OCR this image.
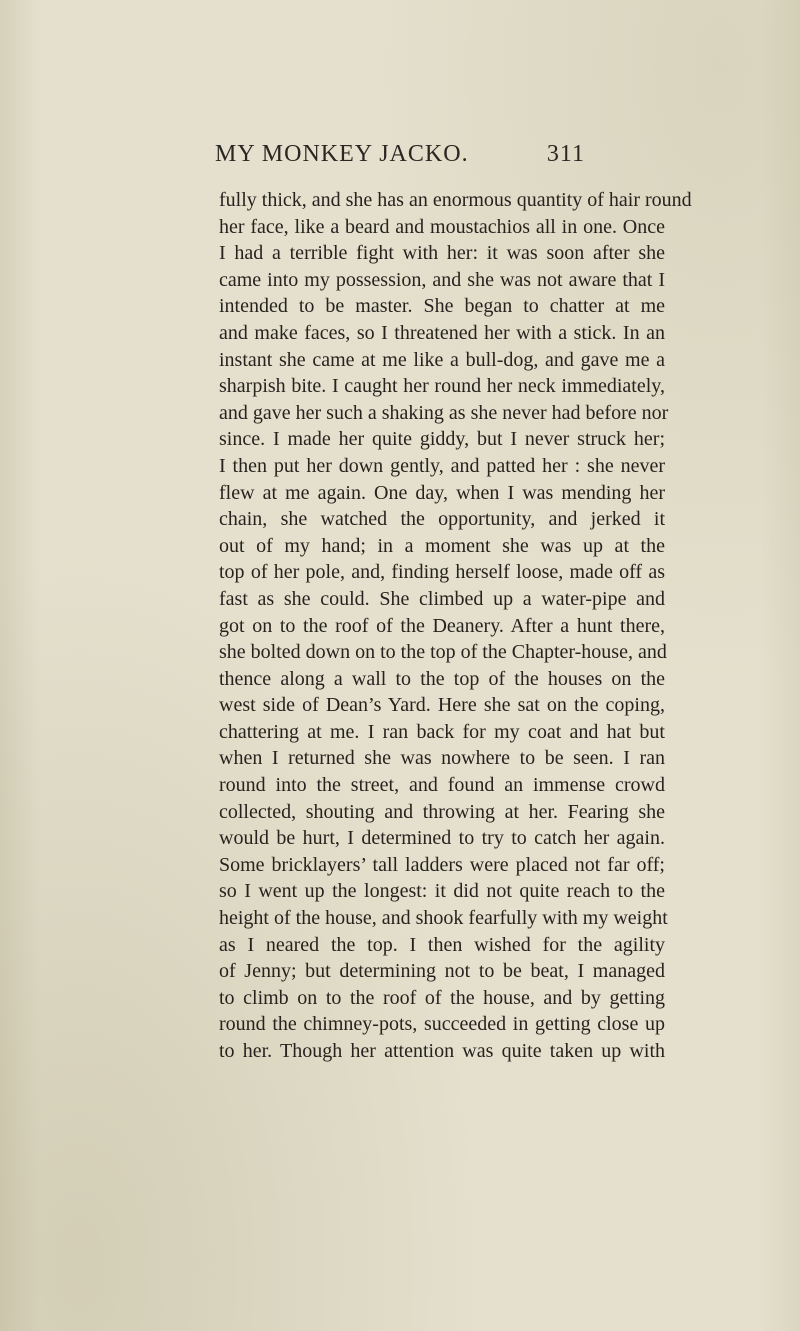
MY MONKEY JACKO.	311
fully thick, and she has an enormous quantity of hair round
her face, like a beard and moustachios all in one. Once
I had a terrible fight with her: it was soon after she
came into my possession, and she was not aware that I
intended to be master. She began to chatter at me
and make faces, so I threatened her with a stick. In an
instant she came at me like a bull-dog, and gave me a
sharpish bite. I caught her round her neck immediately,
and gave her such a shaking as she never had before nor
since. I made her quite giddy, but I never struck her;
I then put her down gently, and patted her : she never
flew at me again. One day, when I was mending her
chain, she watched the opportunity, and jerked it
out of my hand; in a moment she was up at the
top of her pole, and, finding herself loose, made off as
fast as she could. She climbed up a water-pipe and
got on to the roof of the Deanery. After a hunt there,
she bolted down on to the top of the Chapter-house, and
thence along a wall to the top of the houses on the
west side of Dean’s Yard. Here she sat on the coping,
chattering at me. I ran back for my coat and hat but
when I returned she was nowhere to be seen. I ran
round into the street, and found an immense crowd
collected, shouting and throwing at her. Fearing she
would be hurt, I determined to try to catch her again.
Some bricklayers’ tall ladders were placed not far off;
so I went up the longest: it did not quite reach to the
height of the house, and shook fearfully with my weight
as I neared the top. I then wished for the agility
of Jenny; but determining not to be beat, I managed
to climb on to the roof of the house, and by getting
round the chimney-pots, succeeded in getting close up
to her. Though her attention was quite taken up with
